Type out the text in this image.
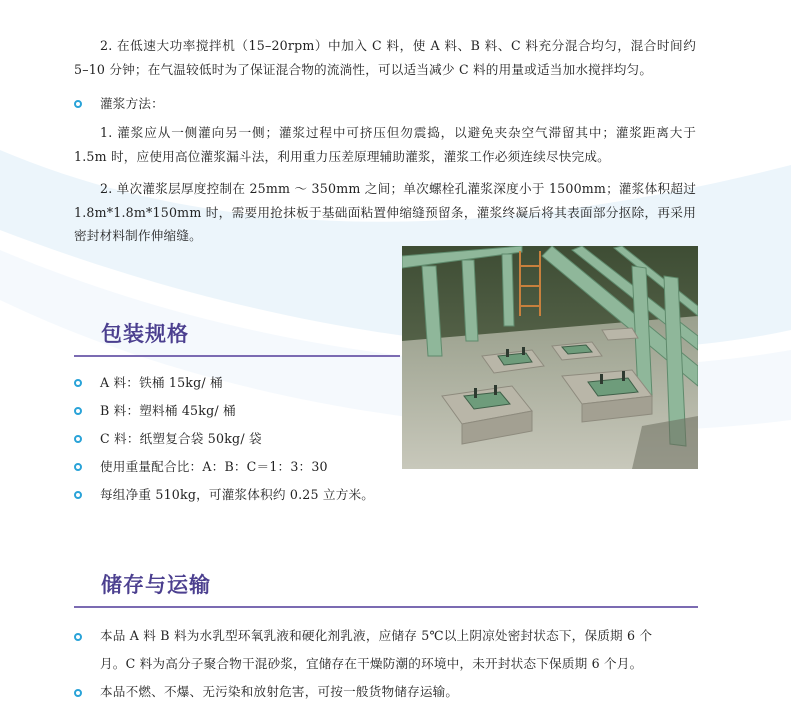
2. 在低速大功率搅拌机（15–20rpm）中加入 C 料，使 A 料、B 料、C 料充分混合均匀，混合时间约 5–10 分钟；在气温较低时为了保证混合物的流淌性，可以适当减少 C 料的用量或适当加水搅拌均匀。
灌浆方法：
1. 灌浆应从一侧灌向另一侧；灌浆过程中可挤压但勿震捣，以避免夹杂空气滞留其中；灌浆距离大于 1.5m 时，应使用高位灌浆漏斗法，利用重力压差原理辅助灌浆，灌浆工作必须连续尽快完成。
2. 单次灌浆层厚度控制在 25mm ～ 350mm 之间；单次螺栓孔灌浆深度小于 1500mm；灌浆体积超过 1.8m*1.8m*150mm 时，需要用抢抹板于基础面粘置伸缩缝预留条，灌浆终凝后将其表面部分抠除，再采用密封材料制作伸缩缝。
包装规格
A 料：铁桶 15kg/ 桶
B 料：塑料桶 45kg/ 桶
C 料：纸塑复合袋 50kg/ 袋
使用重量配合比：A：B：C＝1：3：30
每组净重 510kg，可灌浆体积约 0.25 立方米。
储存与运输
本品 A 料 B 料为水乳型环氧乳液和硬化剂乳液，应储存 5℃以上阴凉处密封状态下，保质期 6 个
月。C 料为高分子聚合物干混砂浆，宜储存在干燥防潮的环境中，未开封状态下保质期 6 个月。
本品不燃、不爆、无污染和放射危害，可按一般货物储存运输。
